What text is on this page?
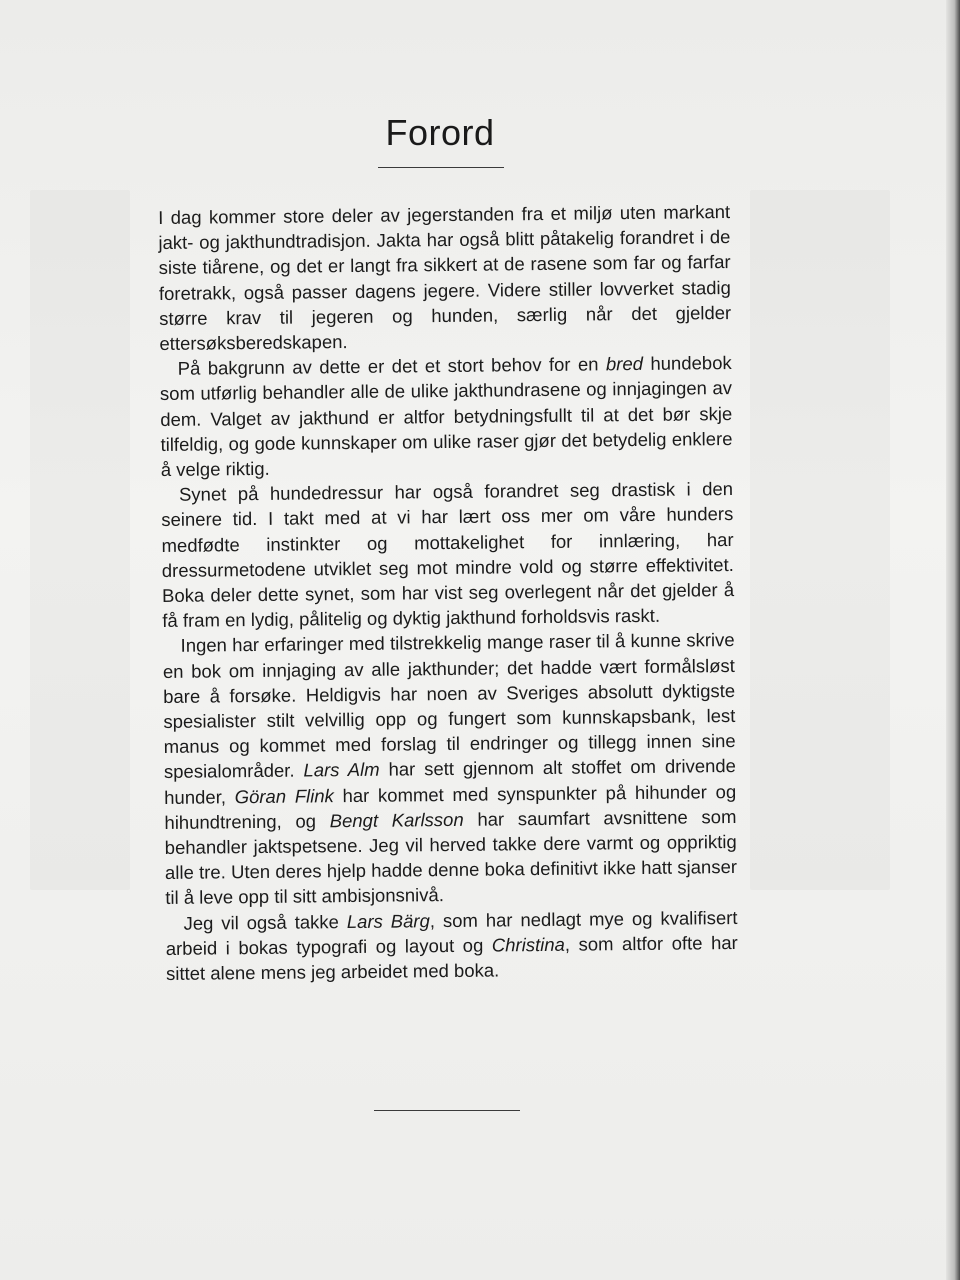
Forord

I dag kommer store deler av jegerstanden fra et miljø uten markant jakt- og jakthundtradisjon. Jakta har også blitt påtakelig forandret i de siste tiårene, og det er langt fra sikkert at de rasene som far og farfar foretrakk, også passer dagens jegere. Videre stiller lovverket stadig større krav til jegeren og hunden, særlig når det gjelder ettersøksberedskapen.

På bakgrunn av dette er det et stort behov for en bred hundebok som utførlig behandler alle de ulike jakthundrasene og innjagingen av dem. Valget av jakthund er altfor betydningsfullt til at det bør skje tilfeldig, og gode kunnskaper om ulike raser gjør det betydelig enklere å velge riktig.

Synet på hundedressur har også forandret seg drastisk i den seinere tid. I takt med at vi har lært oss mer om våre hunders medfødte instinkter og mottakelighet for innlæring, har dressurmetodene utviklet seg mot mindre vold og større effektivitet. Boka deler dette synet, som har vist seg overlegent når det gjelder å få fram en lydig, pålitelig og dyktig jakthund forholdsvis raskt.

Ingen har erfaringer med tilstrekkelig mange raser til å kunne skrive en bok om innjaging av alle jakthunder; det hadde vært formålsløst bare å forsøke. Heldigvis har noen av Sveriges absolutt dyktigste spesialister stilt velvillig opp og fungert som kunnskapsbank, lest manus og kommet med forslag til endringer og tillegg innen sine spesialområder. Lars Alm har sett gjennom alt stoffet om drivende hunder, Göran Flink har kommet med synspunkter på hihunder og hihundtrening, og Bengt Karlsson har saumfart avsnittene som behandler jaktspetsene. Jeg vil herved takke dere varmt og oppriktig alle tre. Uten deres hjelp hadde denne boka definitivt ikke hatt sjanser til å leve opp til sitt ambisjonsnivå.

Jeg vil også takke Lars Bärg, som har nedlagt mye og kvalifisert arbeid i bokas typografi og layout og Christina, som altfor ofte har sittet alene mens jeg arbeidet med boka.
